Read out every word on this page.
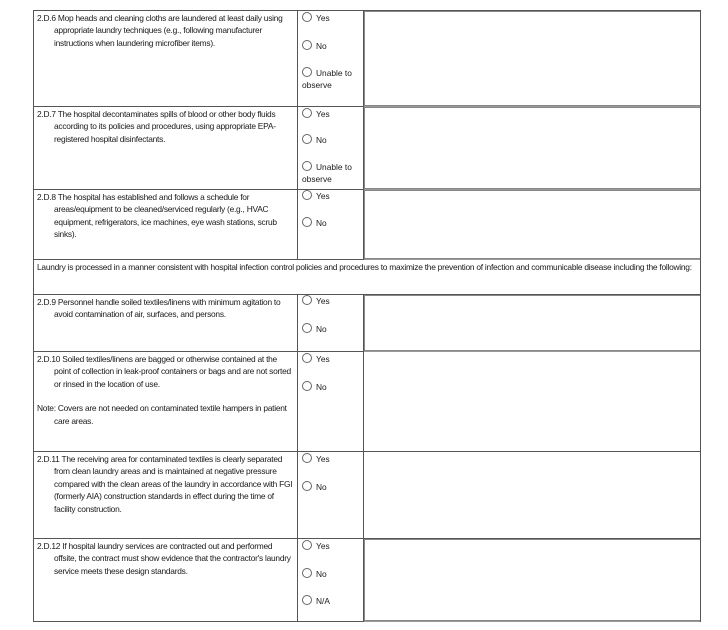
2.D.6 Mop heads and cleaning cloths are laundered at least daily using appropriate laundry techniques (e.g., following manufacturer instructions when laundering microfiber items).

Yes
No
Unable to observe

2.D.7 The hospital decontaminates spills of blood or other body fluids according to its policies and procedures, using appropriate EPA-registered hospital disinfectants.

Yes
No
Unable to observe

2.D.8 The hospital has established and follows a schedule for areas/equipment to be cleaned/serviced regularly (e.g., HVAC equipment, refrigerators, ice machines, eye wash stations, scrub sinks).

Yes
No

Laundry is processed in a manner consistent with hospital infection control policies and procedures to maximize the prevention of infection and communicable disease including the following:

2.D.9 Personnel handle soiled textiles/linens with minimum agitation to avoid contamination of air, surfaces, and persons.

Yes
No

2.D.10 Soiled textiles/linens are bagged or otherwise contained at the point of collection in leak-proof containers or bags and are not sorted or rinsed in the location of use.

Note: Covers are not needed on contaminated textile hampers in patient care areas.

Yes
No

2.D.11 The receiving area for contaminated textiles is clearly separated from clean laundry areas and is maintained at negative pressure compared with the clean areas of the laundry in accordance with FGI (formerly AIA) construction standards in effect during the time of facility construction.

Yes
No

2.D.12 If hospital laundry services are contracted out and performed offsite, the contract must show evidence that the contractor's laundry service meets these design standards.

Yes
No
N/A
